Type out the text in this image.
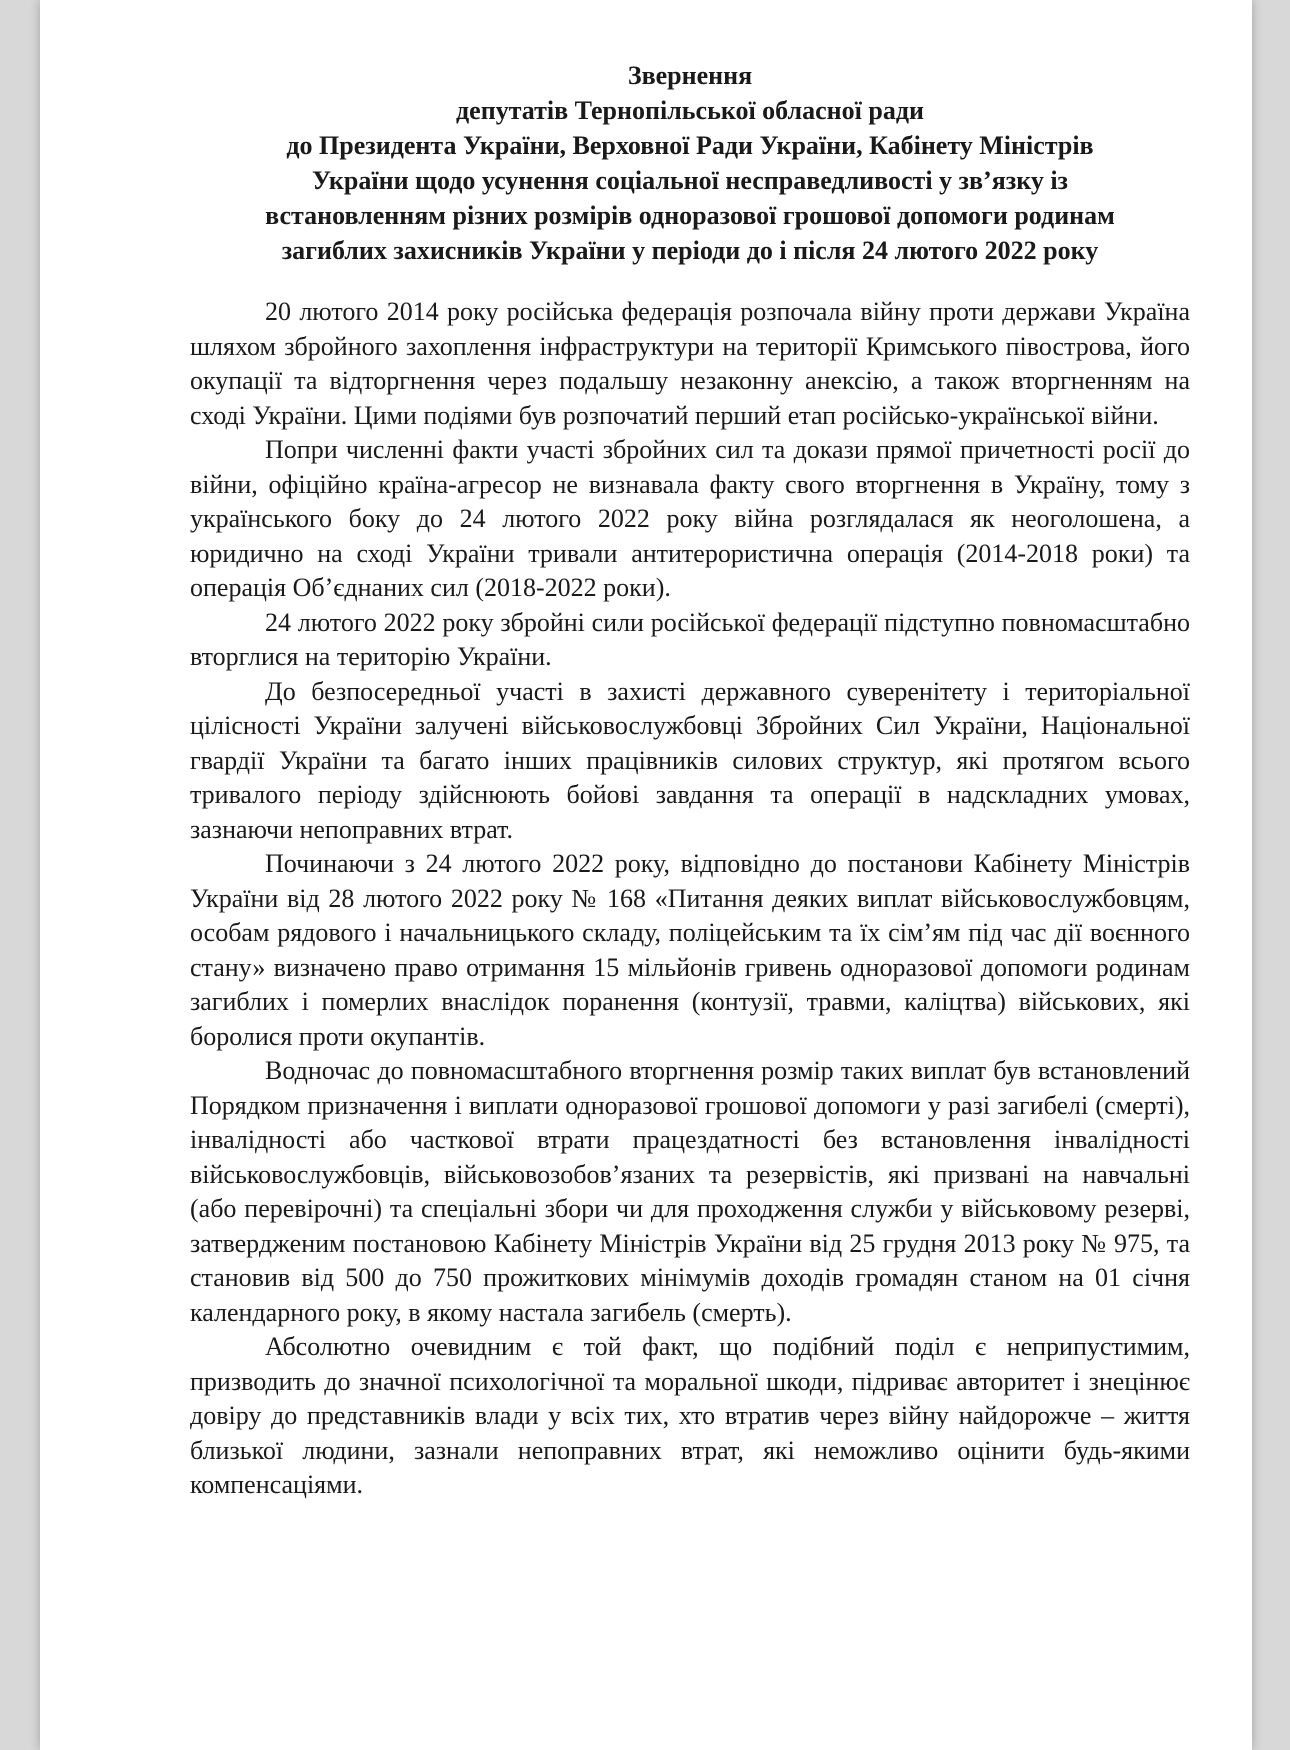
Звернення
депутатів Тернопільської обласної ради
до Президента України, Верховної Ради України, Кабінету Міністрів
України щодо усунення соціальної несправедливості у зв’язку із
встановленням різних розмірів одноразової грошової допомоги родинам
загиблих захисників України у періоди до і після 24 лютого 2022 року

20 лютого 2014 року російська федерація розпочала війну проти держави Україна шляхом збройного захоплення інфраструктури на території Кримського півострова, його окупації та відторгнення через подальшу незаконну анексію, а також вторгненням на сході України. Цими подіями був розпочатий перший етап російсько-української війни.

Попри численні факти участі збройних сил та докази прямої причетності росії до війни, офіційно країна-агресор не визнавала факту свого вторгнення в Україну, тому з українського боку до 24 лютого 2022 року війна розглядалася як неоголошена, а юридично на сході України тривали антитерористична операція (2014-2018 роки) та операція Об’єднаних сил (2018-2022 роки).

24 лютого 2022 року збройні сили російської федерації підступно повномасштабно вторглися на територію України.

До безпосередньої участі в захисті державного суверенітету і територіальної цілісності України залучені військовослужбовці Збройних Сил України, Національної гвардії України та багато інших працівників силових структур, які протягом всього тривалого періоду здійснюють бойові завдання та операції в надскладних умовах, зазнаючи непоправних втрат.

Починаючи з 24 лютого 2022 року, відповідно до постанови Кабінету Міністрів України від 28 лютого 2022 року № 168 «Питання деяких виплат військовослужбовцям, особам рядового і начальницького складу, поліцейським та їх сім’ям під час дії воєнного стану» визначено право отримання 15 мільйонів гривень одноразової допомоги родинам загиблих і померлих внаслідок поранення (контузії, травми, каліцтва) військових, які боролися проти окупантів.

Водночас до повномасштабного вторгнення розмір таких виплат був встановлений Порядком призначення і виплати одноразової грошової допомоги у разі загибелі (смерті), інвалідності або часткової втрати працездатності без встановлення інвалідності військовослужбовців, військовозобов’язаних та резервістів, які призвані на навчальні (або перевірочні) та спеціальні збори чи для проходження служби у військовому резерві, затвердженим постановою Кабінету Міністрів України від 25 грудня 2013 року № 975, та становив від 500 до 750 прожиткових мінімумів доходів громадян станом на 01 січня календарного року, в якому настала загибель (смерть).

Абсолютно очевидним є той факт, що подібний поділ є неприпустимим, призводить до значної психологічної та моральної шкоди, підриває авторитет і знецінює довіру до представників влади у всіх тих, хто втратив через війну найдорожче – життя близької людини, зазнали непоправних втрат, які неможливо оцінити будь-якими компенсаціями.
